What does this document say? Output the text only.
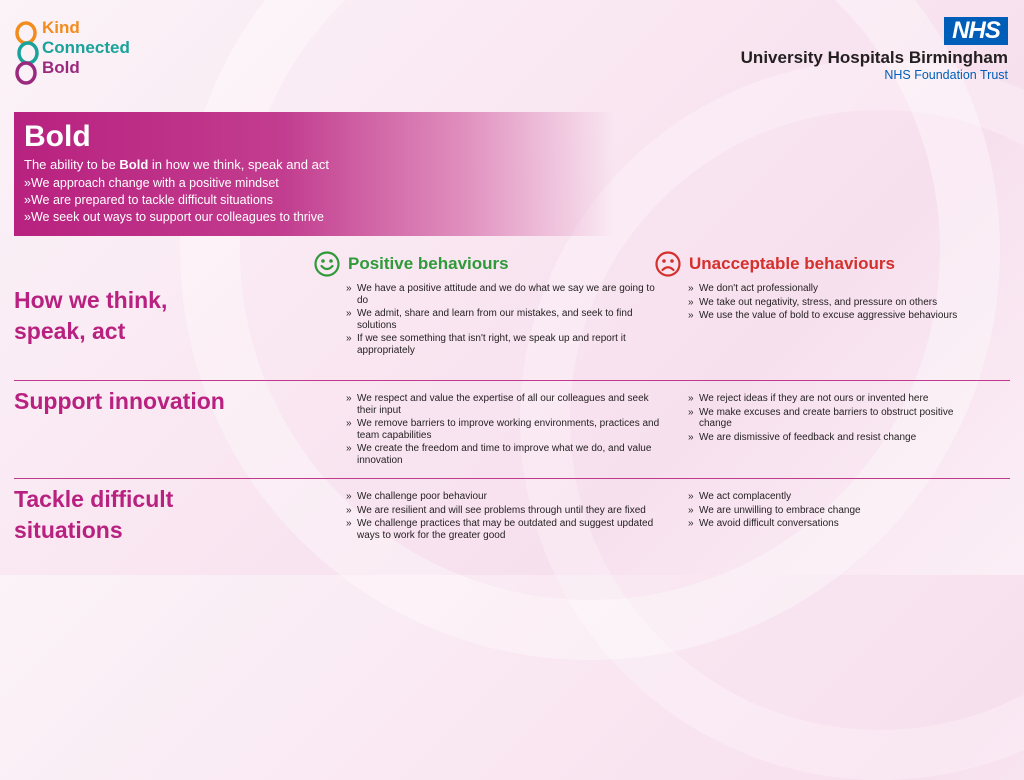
Kind
Connected
Bold
NHS
University Hospitals Birmingham
NHS Foundation Trust
Bold
The ability to be Bold in how we think, speak and act
»We approach change with a positive mindset
»We are prepared to tackle difficult situations
»We seek out ways to support our colleagues to thrive
Positive behaviours	Unacceptable behaviours
How we think, speak, act
» We have a positive attitude and we do what we say we are going to do
» We admit, share and learn from our mistakes, and seek to find solutions
» If we see something that isn't right, we speak up and report it appropriately
» We don't act professionally
» We take out negativity, stress, and pressure on others
» We use the value of bold to excuse aggressive behaviours
Support innovation
»	We respect and value the expertise of all our colleagues and seek their input
» We remove barriers to improve working environments, practices and team capabilities
» We create the freedom and time to improve what we do, and value innovation
» We reject ideas if they are not ours or invented here
» We make excuses and create barriers to obstruct positive change
» We are dismissive of feedback and resist change
Tackle difficult situations
» We challenge poor behaviour
» We are resilient and will see problems through until they are fixed
» We challenge practices that may be outdated and suggest updated ways to work for the greater good
» We act complacently
» We are unwilling to embrace change
» We avoid difficult conversations
